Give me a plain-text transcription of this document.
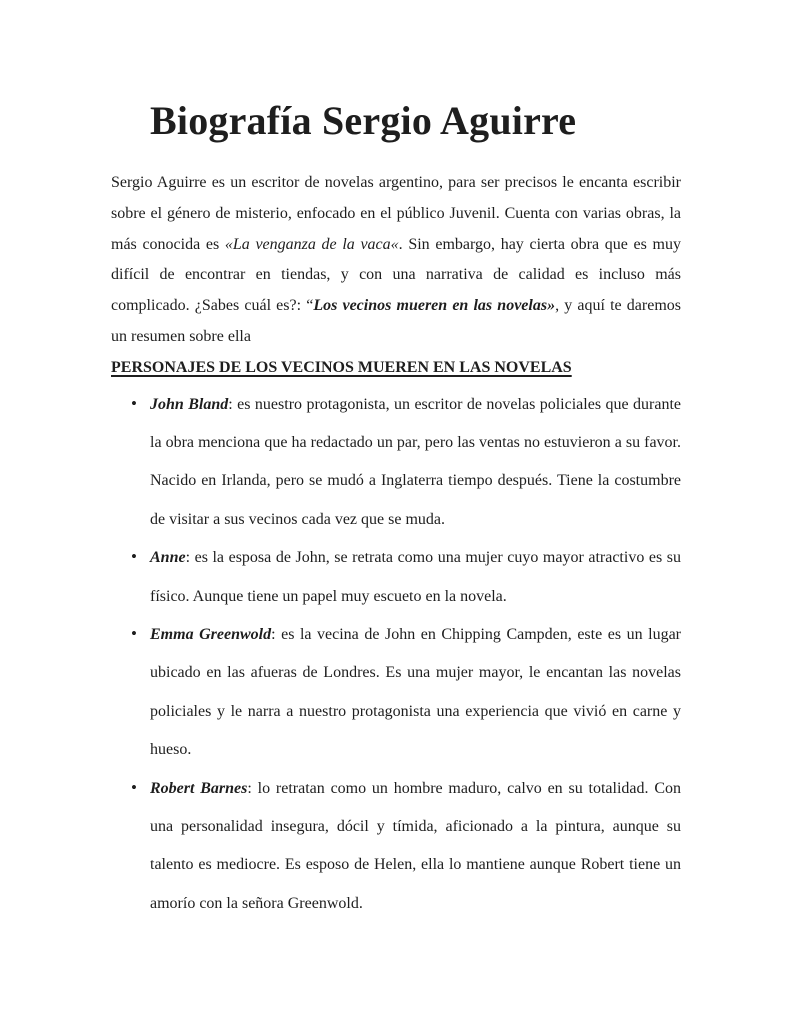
Biografía Sergio Aguirre

Sergio Aguirre es un escritor de novelas argentino, para ser precisos le encanta escribir sobre el género de misterio, enfocado en el público Juvenil. Cuenta con varias obras, la más conocida es «La venganza de la vaca«. Sin embargo, hay cierta obra que es muy difícil de encontrar en tiendas, y con una narrativa de calidad es incluso más complicado. ¿Sabes cuál es?: “Los vecinos mueren en las novelas», y aquí te daremos un resumen sobre ella

PERSONAJES DE LOS VECINOS MUEREN EN LAS NOVELAS
• John Bland: es nuestro protagonista, un escritor de novelas policiales que durante la obra menciona que ha redactado un par, pero las ventas no estuvieron a su favor. Nacido en Irlanda, pero se mudó a Inglaterra tiempo después. Tiene la costumbre de visitar a sus vecinos cada vez que se muda.
• Anne: es la esposa de John, se retrata como una mujer cuyo mayor atractivo es su físico. Aunque tiene un papel muy escueto en la novela.
• Emma Greenwold: es la vecina de John en Chipping Campden, este es un lugar ubicado en las afueras de Londres. Es una mujer mayor, le encantan las novelas policiales y le narra a nuestro protagonista una experiencia que vivió en carne y hueso.
• Robert Barnes: lo retratan como un hombre maduro, calvo en su totalidad. Con una personalidad insegura, dócil y tímida, aficionado a la pintura, aunque su talento es mediocre. Es esposo de Helen, ella lo mantiene aunque Robert tiene un amorío con la señora Greenwold.
